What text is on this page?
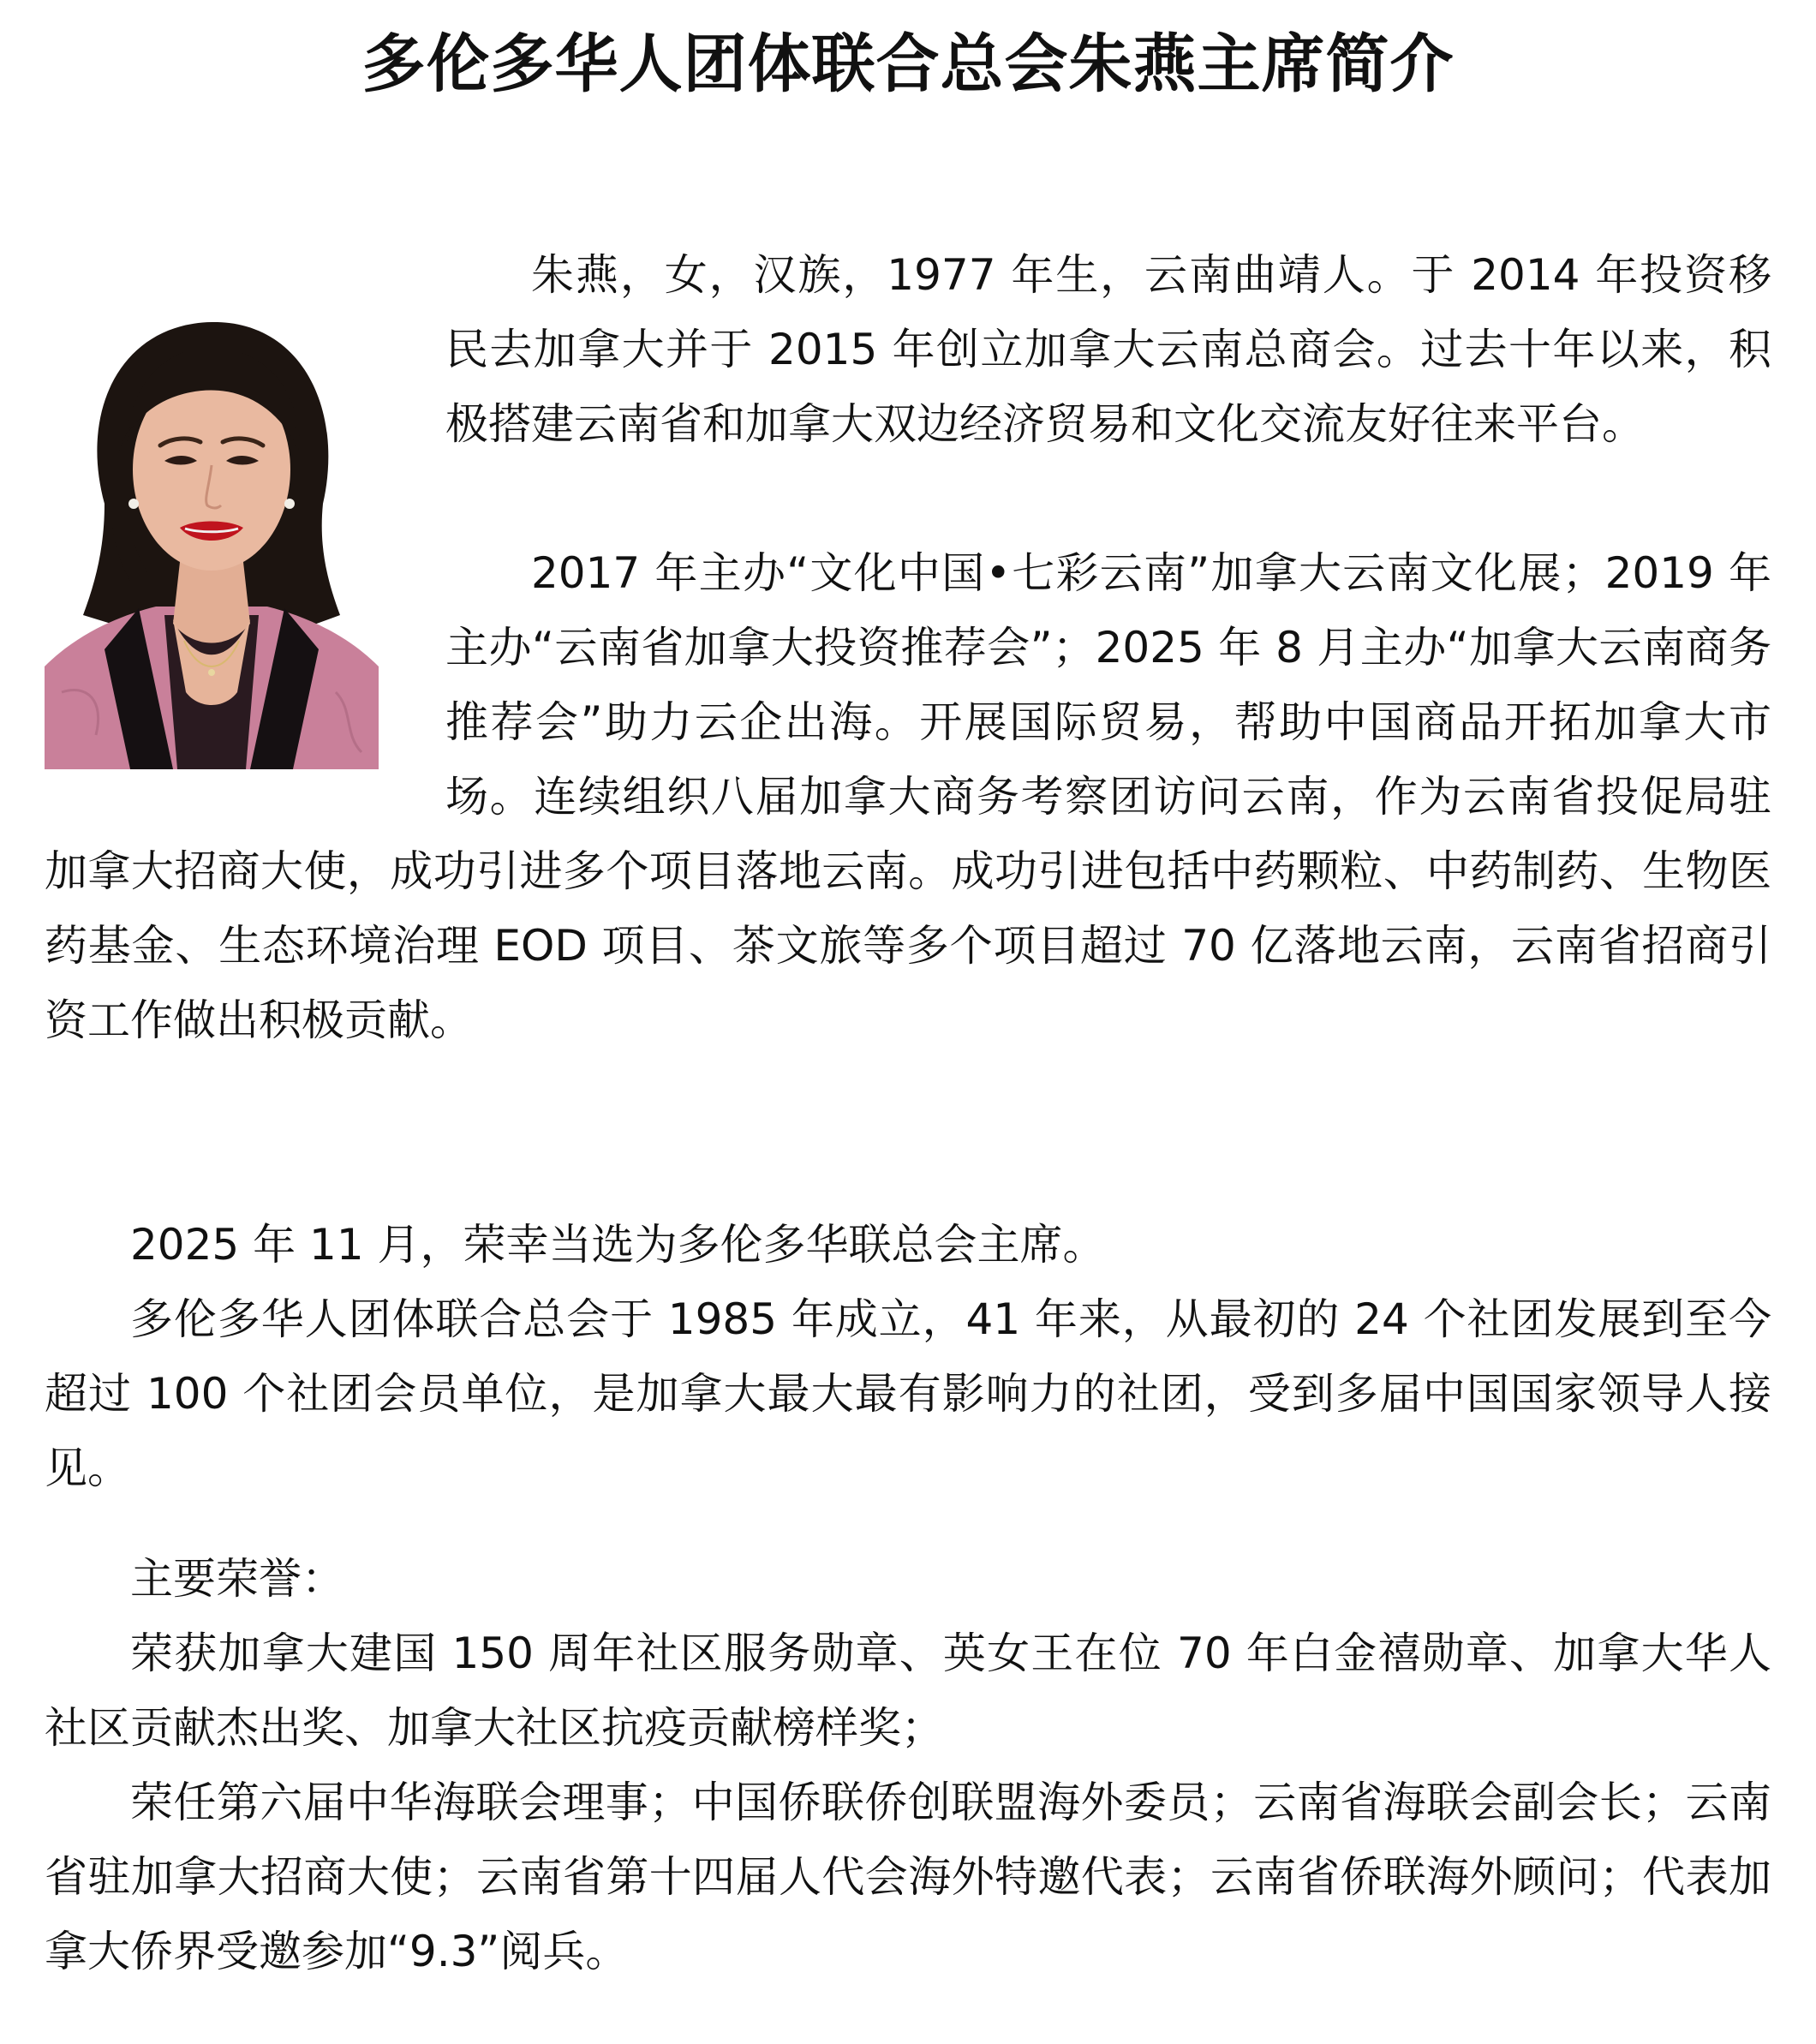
多伦多华人团体联合总会朱燕主席简介

朱燕，女，汉族，1977 年生，云南曲靖人。于 2014 年投资移民去加拿大并于 2015 年创立加拿大云南总商会。过去十年以来，积极搭建云南省和加拿大双边经济贸易和文化交流友好往来平台。

2017 年主办“文化中国•七彩云南”加拿大云南文化展；2019 年主办“云南省加拿大投资推荐会”；2025 年 8 月主办“加拿大云南商务推荐会”助力云企出海。开展国际贸易，帮助中国商品开拓加拿大市场。连续组织八届加拿大商务考察团访问云南，作为云南省投促局驻加拿大招商大使，成功引进多个项目落地云南。成功引进包括中药颗粒、中药制药、生物医药基金、生态环境治理 EOD 项目、茶文旅等多个项目超过 70 亿落地云南，云南省招商引资工作做出积极贡献。

2025 年 11 月，荣幸当选为多伦多华联总会主席。

多伦多华人团体联合总会于 1985 年成立，41 年来，从最初的 24 个社团发展到至今超过 100 个社团会员单位，是加拿大最大最有影响力的社团，受到多届中国国家领导人接见。

主要荣誉：

荣获加拿大建国 150 周年社区服务勋章、英女王在位 70 年白金禧勋章、加拿大华人社区贡献杰出奖、加拿大社区抗疫贡献榜样奖；

荣任第六届中华海联会理事；中国侨联侨创联盟海外委员；云南省海联会副会长；云南省驻加拿大招商大使；云南省第十四届人代会海外特邀代表；云南省侨联海外顾问；代表加拿大侨界受邀参加“9.3”阅兵。
